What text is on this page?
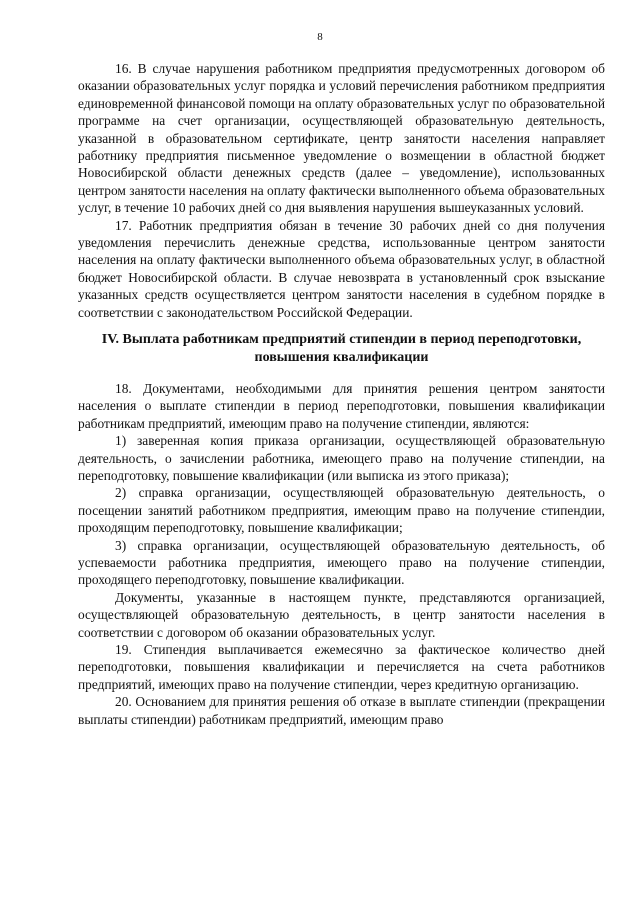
8

16. В случае нарушения работником предприятия предусмотренных договором об оказании образовательных услуг порядка и условий перечисления работником предприятия единовременной финансовой помощи на оплату образовательных услуг по образовательной программе на счет организации, осуществляющей образовательную деятельность, указанной в образовательном сертификате, центр занятости населения направляет работнику предприятия письменное уведомление о возмещении в областной бюджет Новосибирской области денежных средств (далее – уведомление), использованных центром занятости населения на оплату фактически выполненного объема образовательных услуг, в течение 10 рабочих дней со дня выявления нарушения вышеуказанных условий.

17. Работник предприятия обязан в течение 30 рабочих дней со дня получения уведомления перечислить денежные средства, использованные центром занятости населения на оплату фактически выполненного объема образовательных услуг, в областной бюджет Новосибирской области. В случае невозврата в установленный срок взыскание указанных средств осуществляется центром занятости населения в судебном порядке в соответствии с законодательством Российской Федерации.

IV. Выплата работникам предприятий стипендии в период переподготовки, повышения квалификации

18. Документами, необходимыми для принятия решения центром занятости населения о выплате стипендии в период переподготовки, повышения квалификации работникам предприятий, имеющим право на получение стипендии, являются:

1) заверенная копия приказа организации, осуществляющей образовательную деятельность, о зачислении работника, имеющего право на получение стипендии, на переподготовку, повышение квалификации (или выписка из этого приказа);

2) справка организации, осуществляющей образовательную деятельность, о посещении занятий работником предприятия, имеющим право на получение стипендии, проходящим переподготовку, повышение квалификации;

3) справка организации, осуществляющей образовательную деятельность, об успеваемости работника предприятия, имеющего право на получение стипендии, проходящего переподготовку, повышение квалификации.

Документы, указанные в настоящем пункте, представляются организацией, осуществляющей образовательную деятельность, в центр занятости населения в соответствии с договором об оказании образовательных услуг.

19. Стипендия выплачивается ежемесячно за фактическое количество дней переподготовки, повышения квалификации и перечисляется на счета работников предприятий, имеющих право на получение стипендии, через кредитную организацию.

20. Основанием для принятия решения об отказе в выплате стипендии (прекращении выплаты стипендии) работникам предприятий, имеющим право
